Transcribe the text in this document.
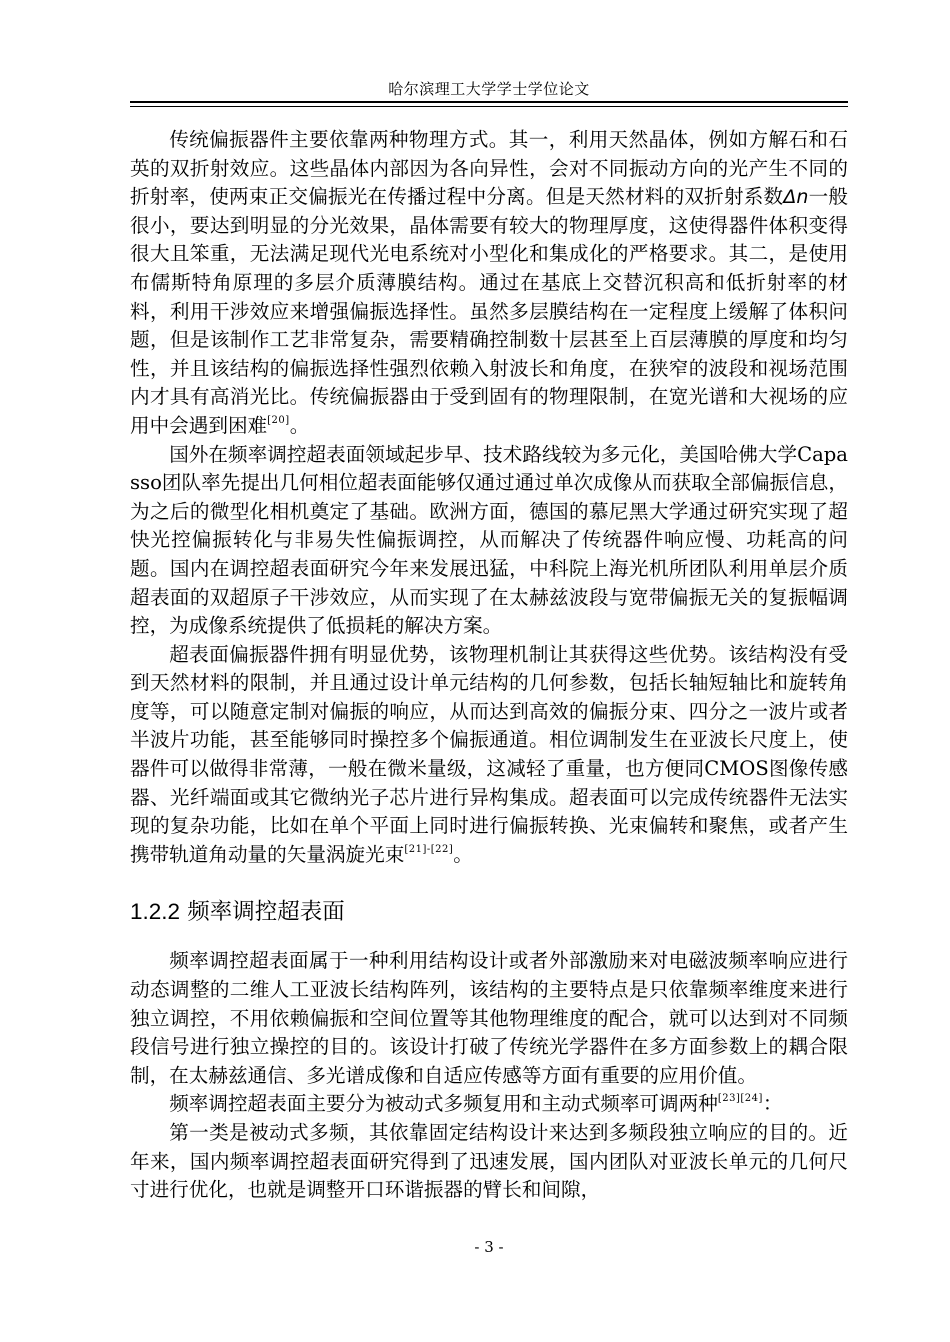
哈尔滨理工大学学士学位论文

传统偏振器件主要依靠两种物理方式。其一，利用天然晶体，例如方解石和石英的双折射效应。这些晶体内部因为各向异性，会对不同振动方向的光产生不同的折射率，使两束正交偏振光在传播过程中分离。但是天然材料的双折射系数Δn一般很小，要达到明显的分光效果，晶体需要有较大的物理厚度，这使得器件体积变得很大且笨重，无法满足现代光电系统对小型化和集成化的严格要求。其二，是使用布儒斯特角原理的多层介质薄膜结构。通过在基底上交替沉积高和低折射率的材料，利用干涉效应来增强偏振选择性。虽然多层膜结构在一定程度上缓解了体积问题，但是该制作工艺非常复杂，需要精确控制数十层甚至上百层薄膜的厚度和均匀性，并且该结构的偏振选择性强烈依赖入射波长和角度，在狭窄的波段和视场范围内才具有高消光比。传统偏振器由于受到固有的物理限制，在宽光谱和大视场的应用中会遇到困难[20]。

国外在频率调控超表面领域起步早、技术路线较为多元化，美国哈佛大学Capasso团队率先提出几何相位超表面能够仅通过通过单次成像从而获取全部偏振信息，为之后的微型化相机奠定了基础。欧洲方面，德国的慕尼黑大学通过研究实现了超快光控偏振转化与非易失性偏振调控，从而解决了传统器件响应慢、功耗高的问题。国内在调控超表面研究今年来发展迅猛，中科院上海光机所团队利用单层介质超表面的双超原子干涉效应，从而实现了在太赫兹波段与宽带偏振无关的复振幅调控，为成像系统提供了低损耗的解决方案。

超表面偏振器件拥有明显优势，该物理机制让其获得这些优势。该结构没有受到天然材料的限制，并且通过设计单元结构的几何参数，包括长轴短轴比和旋转角度等，可以随意定制对偏振的响应，从而达到高效的偏振分束、四分之一波片或者半波片功能，甚至能够同时操控多个偏振通道。相位调制发生在亚波长尺度上，使器件可以做得非常薄，一般在微米量级，这减轻了重量，也方便同CMOS图像传感器、光纤端面或其它微纳光子芯片进行异构集成。超表面可以完成传统器件无法实现的复杂功能，比如在单个平面上同时进行偏振转换、光束偏转和聚焦，或者产生携带轨道角动量的矢量涡旋光束[21]-[22]。

1.2.2 频率调控超表面

频率调控超表面属于一种利用结构设计或者外部激励来对电磁波频率响应进行动态调整的二维人工亚波长结构阵列，该结构的主要特点是只依靠频率维度来进行独立调控，不用依赖偏振和空间位置等其他物理维度的配合，就可以达到对不同频段信号进行独立操控的目的。该设计打破了传统光学器件在多方面参数上的耦合限制，在太赫兹通信、多光谱成像和自适应传感等方面有重要的应用价值。

频率调控超表面主要分为被动式多频复用和主动式频率可调两种[23][24]：

第一类是被动式多频，其依靠固定结构设计来达到多频段独立响应的目的。近年来，国内频率调控超表面研究得到了迅速发展，国内团队对亚波长单元的几何尺寸进行优化，也就是调整开口环谐振器的臂长和间隙，

- 3 -
